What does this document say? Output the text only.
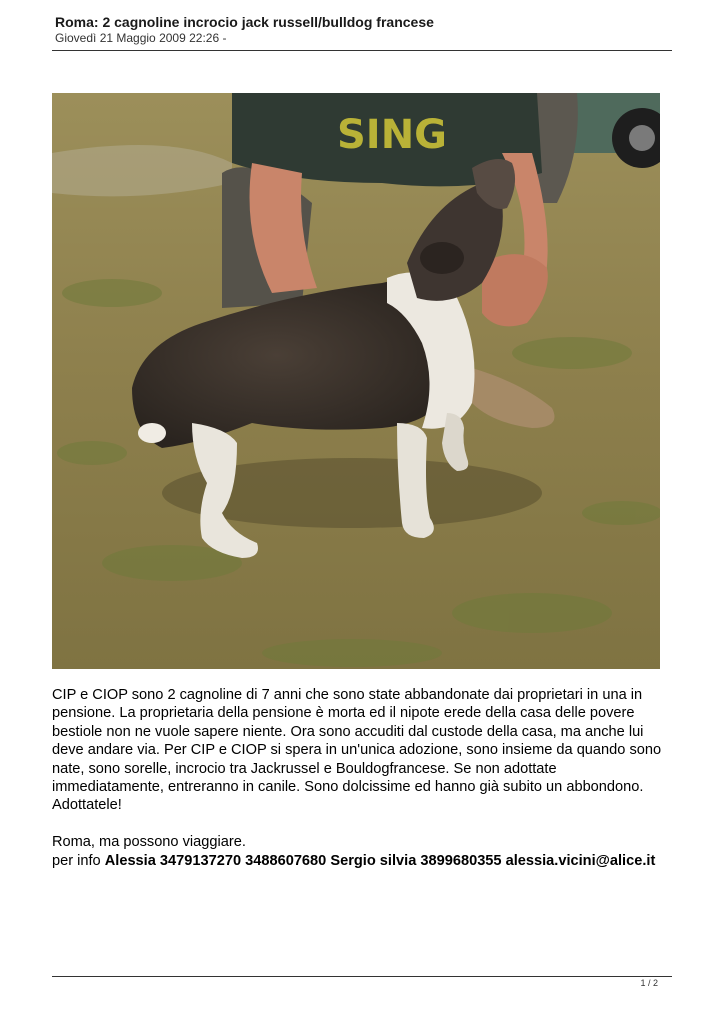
Roma: 2 cagnoline incrocio jack russell/bulldog francese
Giovedì 21 Maggio 2009 22:26 -
SING

CIP e CIOP sono 2 cagnoline di 7 anni che sono state abbandonate dai proprietari in una in pensione. La proprietaria della pensione è morta ed il nipote erede della casa delle povere bestiole non ne vuole sapere niente. Ora sono accuditi dal custode della casa, ma anche lui deve andare via. Per CIP e CIOP si spera in un'unica adozione, sono insieme da quando sono nate, sono sorelle, incrocio tra Jackrussel e Bouldogfrancese. Se non adottate immediatamente, entreranno in canile. Sono dolcissime ed hanno già subito un abbondono. Adottatele!

Roma, ma possono viaggiare.

per info Alessia 3479137270 3488607680 Sergio silvia 3899680355 alessia.vicini@alice.it

1 / 2
